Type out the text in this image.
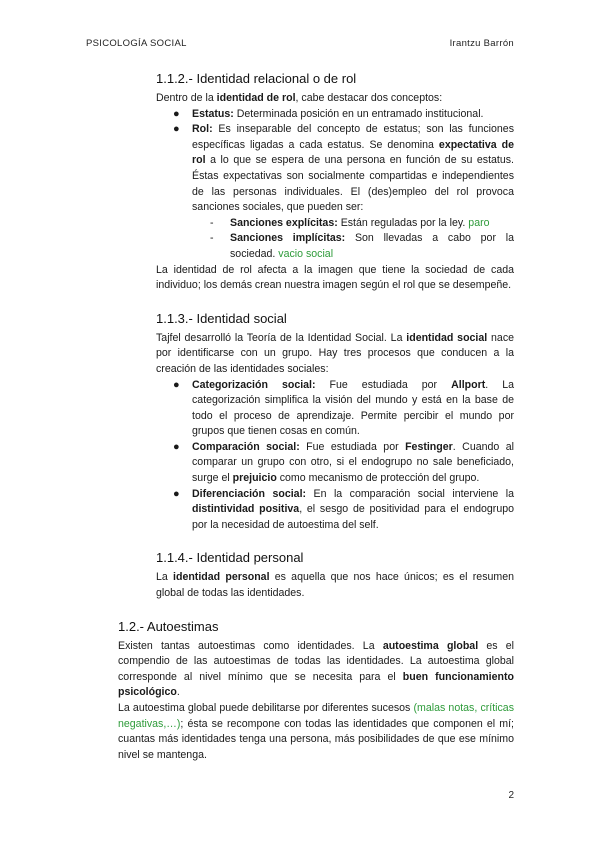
PSICOLOGÍA SOCIAL	Irantzu Barrón
1.1.2.- Identidad relacional o de rol

Dentro de la identidad de rol, cabe destacar dos conceptos:

● Estatus: Determinada posición en un entramado institucional.
● Rol: Es inseparable del concepto de estatus; son las funciones específicas ligadas a cada estatus. Se denomina expectativa de rol a lo que se espera de una persona en función de su estatus. Éstas expectativas son socialmente compartidas e independientes de las personas individuales. El (des)empleo del rol provoca sanciones sociales, que pueden ser:
- Sanciones explícitas: Están reguladas por la ley. paro
- Sanciones implícitas: Son llevadas a cabo por la sociedad. vacio social

La identidad de rol afecta a la imagen que tiene la sociedad de cada individuo; los demás crean nuestra imagen según el rol que se desempeñe.

1.1.3.- Identidad social

Tajfel desarrolló la Teoría de la Identidad Social. La identidad social nace por identificarse con un grupo. Hay tres procesos que conducen a la creación de las identidades sociales:

● Categorización social: Fue estudiada por Allport. La categorización simplifica la visión del mundo y está en la base de todo el proceso de aprendizaje. Permite percibir el mundo por grupos que tienen cosas en común.
● Comparación social: Fue estudiada por Festinger. Cuando al comparar un grupo con otro, si el endogrupo no sale beneficiado, surge el prejuicio como mecanismo de protección del grupo.
● Diferenciación social: En la comparación social interviene la distintividad positiva, el sesgo de positividad para el endogrupo por la necesidad de autoestima del self.
1.1.4.- Identidad personal

La identidad personal es aquella que nos hace únicos; es el resumen global de todas las identidades.

1.2.- Autoestimas

Existen tantas autoestimas como identidades. La autoestima global es el compendio de las autoestimas de todas las identidades. La autoestima global corresponde al nivel mínimo que se necesita para el buen funcionamiento psicológico.

La autoestima global puede debilitarse por diferentes sucesos (malas notas, críticas negativas,…); ésta se recompone con todas las identidades que componen el mí; cuantas más identidades tenga una persona, más posibilidades de que ese mínimo nivel se mantenga.

2
